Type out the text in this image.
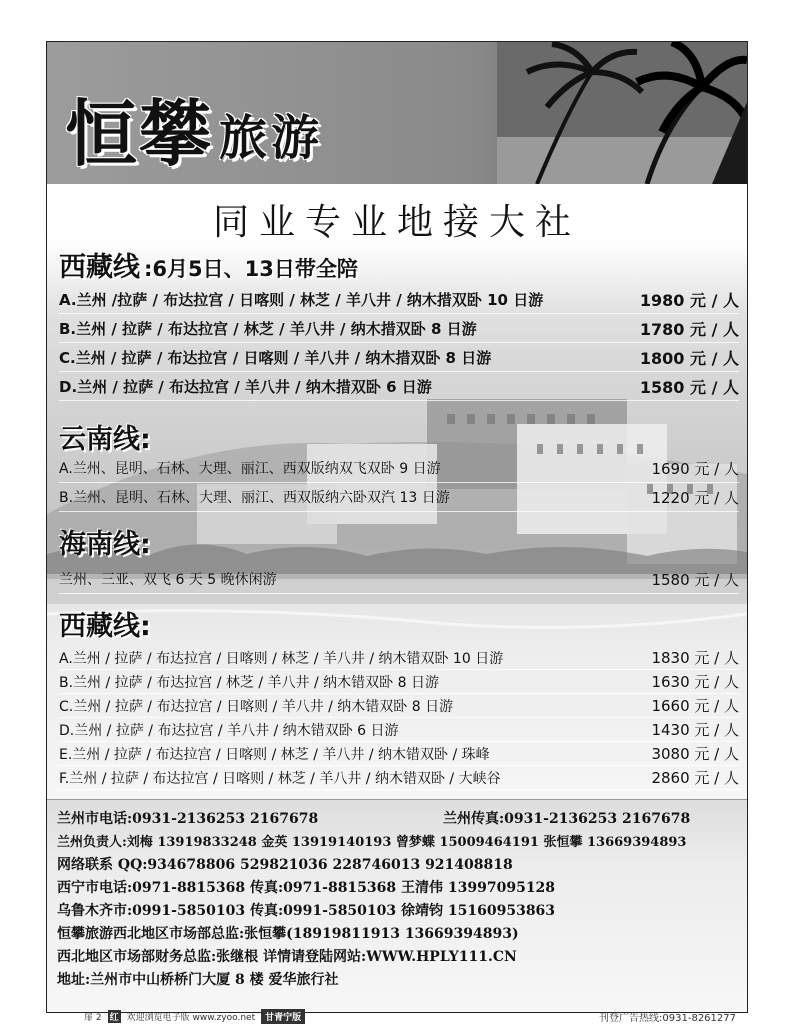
恒攀 旅游
同业专业地接大社
西藏线 :6月5日、13日带全陪
A.兰州 /拉萨 / 布达拉宫 / 日喀则 / 林芝 / 羊八井 / 纳木措双卧 10 日游	1980 元 / 人
B.兰州 / 拉萨 / 布达拉宫 / 林芝 / 羊八井 / 纳木措双卧 8 日游	1780 元 / 人
C.兰州 / 拉萨 / 布达拉宫 / 日喀则 / 羊八井 / 纳木措双卧 8 日游	1800 元 / 人
D.兰州 / 拉萨 / 布达拉宫 / 羊八井 / 纳木措双卧 6 日游	1580 元 / 人
云南线:
A.兰州、昆明、石林、大理、丽江、西双版纳双飞双卧 9 日游	1690 元 / 人
B.兰州、昆明、石林、大理、丽江、西双版纳六卧双汽 13 日游	1220 元 / 人
海南线:
兰州、三亚、双飞 6 天 5 晚休闲游	1580 元 / 人
西藏线:
A.兰州 / 拉萨 / 布达拉宫 / 日喀则 / 林芝 / 羊八井 / 纳木错双卧 10 日游	1830 元 / 人
B.兰州 / 拉萨 / 布达拉宫 / 林芝 / 羊八井 / 纳木错双卧 8 日游	1630 元 / 人
C.兰州 / 拉萨 / 布达拉宫 / 日喀则 / 羊八井 / 纳木错双卧 8 日游	1660 元 / 人
D.兰州 / 拉萨 / 布达拉宫 / 羊八井 / 纳木错双卧 6 日游	1430 元 / 人
E.兰州 / 拉萨 / 布达拉宫 / 日喀则 / 林芝 / 羊八井 / 纳木错双卧 / 珠峰	3080 元 / 人
F.兰州 / 拉萨 / 布达拉宫 / 日喀则 / 林芝 / 羊八井 / 纳木错双卧 / 大峡谷	2860 元 / 人
兰州市电话:0931-2136253 2167678	兰州传真:0931-2136253 2167678
兰州负责人:刘梅 13919833248 金英 13919140193 曾梦蝶 15009464191 张恒攀 13669394893
网络联系 QQ:934678806 529821036 228746013 921408818
西宁市电话:0971-8815368 传真:0971-8815368 王清伟 13997095128
乌鲁木齐市:0991-5850103 传真:0991-5850103 徐靖钧 15160953863
恒攀旅游西北地区市场部总监:张恒攀(18919811913 13669394893)
西北地区市场部财务总监:张继根 详情请登陆网站:WWW.HPLY111.CN
地址:兰州市中山桥桥门大厦 8 楼 爱华旅行社
扉 2 红 欢迎浏览电子版 www.zyoo.net	甘青宁版	刊登广告热线:0931-8261277
